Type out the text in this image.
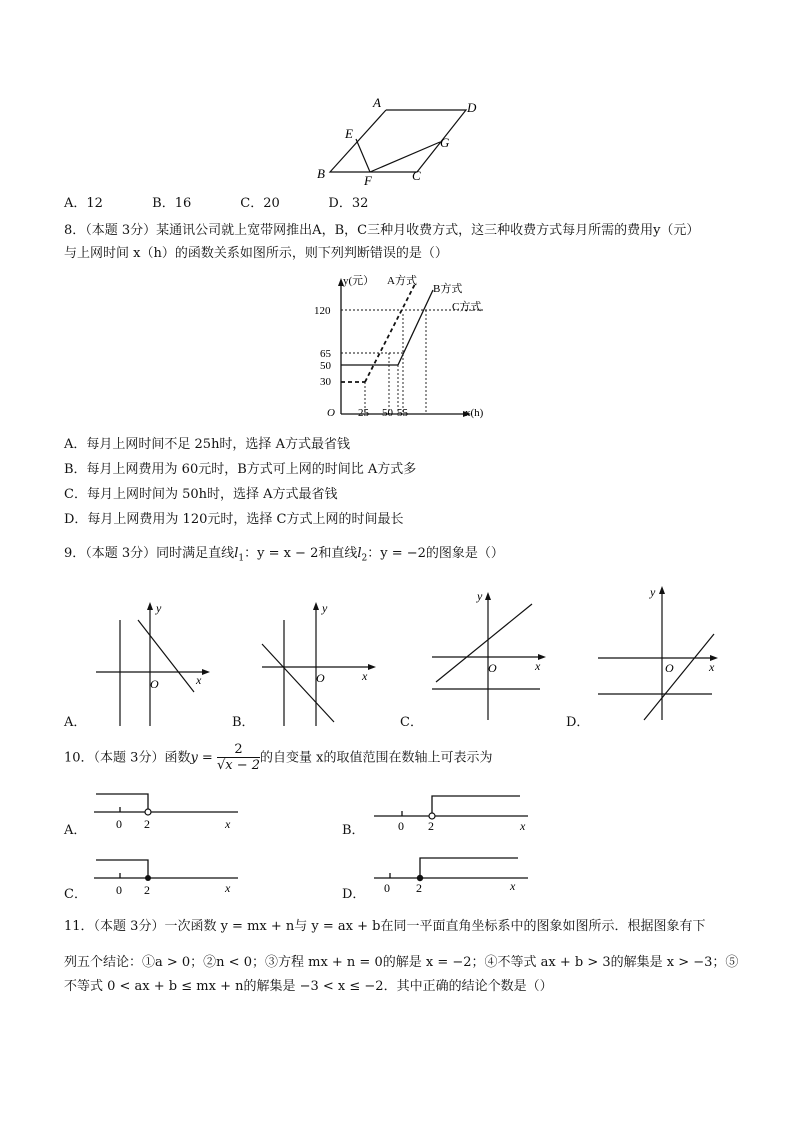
A	D
E
G
B	F	C
A．12	B．16	C．20	D．32
8．（本题 3分）某通讯公司就上宽带网推出A，B，C三种月收费方式，这三种收费方式每月所需的费用y（元）
与上网时间 x（h）的函数关系如图所示，则下列判断错误的是（）
y(元）
x(h)
O
120
65
50
30
25 50 55
A方式
B方式
C方式
A．每月上网时间不足 25h时，选择 A方式最省钱
B．每月上网费用为 60元时，B方式可上网的时间比 A方式多
C．每月上网时间为 50h时，选择 A方式最省钱
D．每月上网费用为 120元时，选择 C方式上网的时间最长
9．（本题 3分）同时满足直线$l_1$：y = x − 2和直线$l_2$：y = −2的图象是（）
x
y
O
A．
x
y
O
B．
x
y
O
C．
x
y
O
D．
10．（本题 3分）函数$y = \frac{2}{√x - 2}$ 的自变量 x的取值范围在数轴上可表示为
0 2	x
A．	0 2	x
B．
0 2	x
C．	0 2	x
D．
11．（本题 3分）一次函数 y = mx + n与 y = ax + b在同一平面直角坐标系中的图象如图所示．根据图象有下
列五个结论：①a > 0；②n < 0；③方程 mx + n = 0的解是 x = −2；④不等式 ax + b > 3的解集是 x > −3；⑤
不等式 0 < ax + b ≤ mx + n的解集是 −3 < x ≤ −2．其中正确的结论个数是（）
